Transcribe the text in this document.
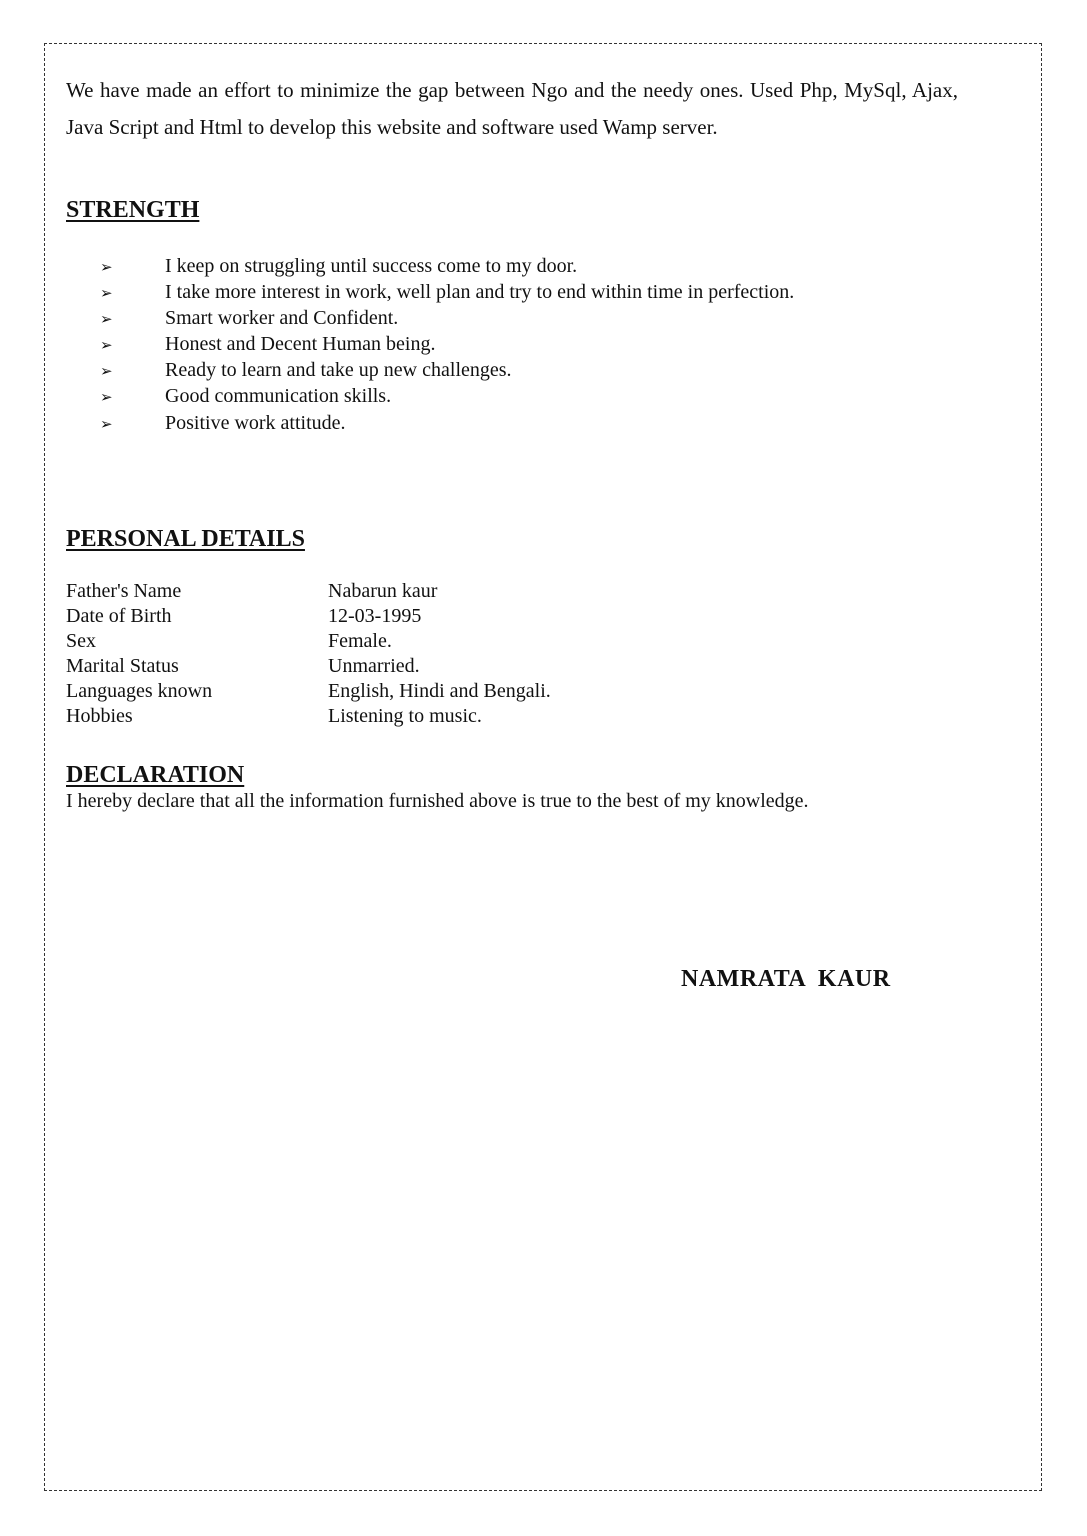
We have made an effort to minimize the gap between Ngo and the needy ones. Used Php, MySql, Ajax, Java Script and Html to develop this website and software used Wamp server.

STRENGTH
➢	I keep on struggling until success come to my door.
➢	I take more interest in work, well plan and try to end within time in perfection.
➢	Smart worker and Confident.
➢	Honest and Decent Human being.
➢	Ready to learn and take up new challenges.
➢	Good communication skills.
➢	Positive work attitude.
PERSONAL DETAILS
Father's Name	Nabarun kaur
Date of Birth	12-03-1995
Sex	Female.
Marital Status	Unmarried.
Languages known	English, Hindi and Bengali.
Hobbies	Listening to music.
DECLARATION

I hereby declare that all the information furnished above is true to the best of my knowledge.

NAMRATA  KAUR
